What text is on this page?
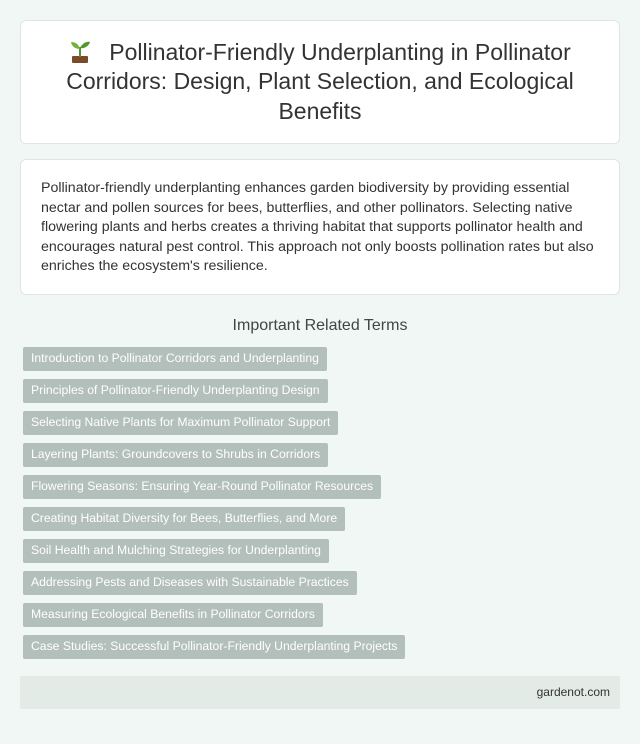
Pollinator-Friendly Underplanting in Pollinator Corridors: Design, Plant Selection, and Ecological Benefits

Pollinator-friendly underplanting enhances garden biodiversity by providing essential nectar and pollen sources for bees, butterflies, and other pollinators. Selecting native flowering plants and herbs creates a thriving habitat that supports pollinator health and encourages natural pest control. This approach not only boosts pollination rates but also enriches the ecosystem's resilience.

Important Related Terms
Introduction to Pollinator Corridors and Underplanting
Principles of Pollinator-Friendly Underplanting Design
Selecting Native Plants for Maximum Pollinator Support
Layering Plants: Groundcovers to Shrubs in Corridors
Flowering Seasons: Ensuring Year-Round Pollinator Resources
Creating Habitat Diversity for Bees, Butterflies, and More
Soil Health and Mulching Strategies for Underplanting
Addressing Pests and Diseases with Sustainable Practices
Measuring Ecological Benefits in Pollinator Corridors
Case Studies: Successful Pollinator-Friendly Underplanting Projects
gardenot.com
